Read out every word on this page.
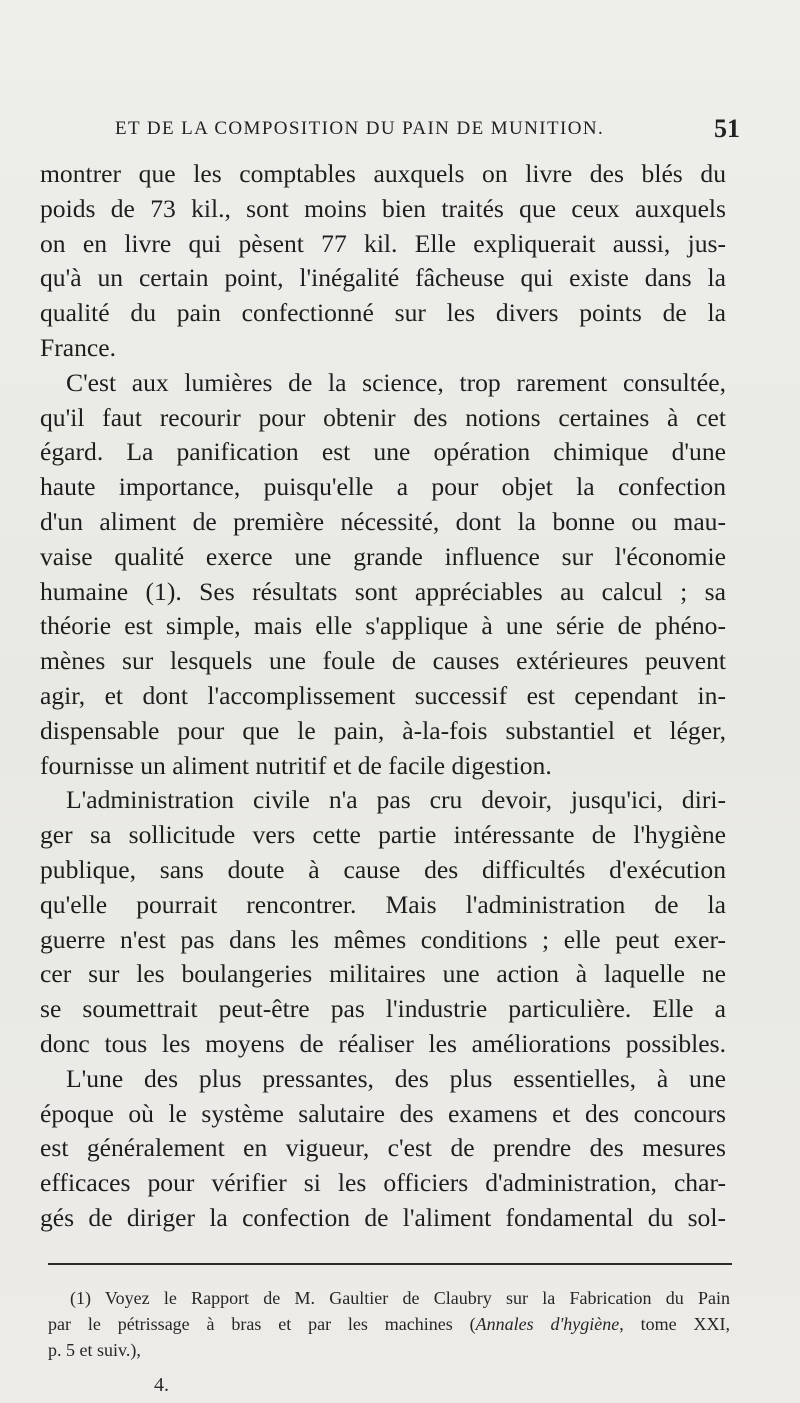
ET DE LA COMPOSITION DU PAIN DE MUNITION.	51
montrer que les comptables auxquels on livre des blés du
poids de 73 kil., sont moins bien traités que ceux auxquels
on en livre qui pèsent 77 kil. Elle expliquerait aussi, jus-
qu'à un certain point, l'inégalité fâcheuse qui existe dans la
qualité du pain confectionné sur les divers points de la
France.
C'est aux lumières de la science, trop rarement consultée,
qu'il faut recourir pour obtenir des notions certaines à cet
égard. La panification est une opération chimique d'une
haute importance, puisqu'elle a pour objet la confection
d'un aliment de première nécessité, dont la bonne ou mau-
vaise qualité exerce une grande influence sur l'économie
humaine (1). Ses résultats sont appréciables au calcul ; sa
théorie est simple, mais elle s'applique à une série de phéno-
mènes sur lesquels une foule de causes extérieures peuvent
agir, et dont l'accomplissement successif est cependant in-
dispensable pour que le pain, à-la-fois substantiel et léger,
fournisse un aliment nutritif et de facile digestion.
L'administration civile n'a pas cru devoir, jusqu'ici, diri-
ger sa sollicitude vers cette partie intéressante de l'hygiène
publique, sans doute à cause des difficultés d'exécution
qu'elle pourrait rencontrer. Mais l'administration de la
guerre n'est pas dans les mêmes conditions ; elle peut exer-
cer sur les boulangeries militaires une action à laquelle ne
se soumettrait peut-être pas l'industrie particulière. Elle a
donc tous les moyens de réaliser les améliorations possibles.
L'une des plus pressantes, des plus essentielles, à une
époque où le système salutaire des examens et des concours
est généralement en vigueur, c'est de prendre des mesures
efficaces pour vérifier si les officiers d'administration, char-
gés de diriger la confection de l'aliment fondamental du sol-
(1) Voyez le Rapport de M. Gaultier de Claubry sur la Fabrication du Pain
par le pétrissage à bras et par les machines (Annales d'hygiène, tome XXI,
p. 5 et suiv.),
4.
